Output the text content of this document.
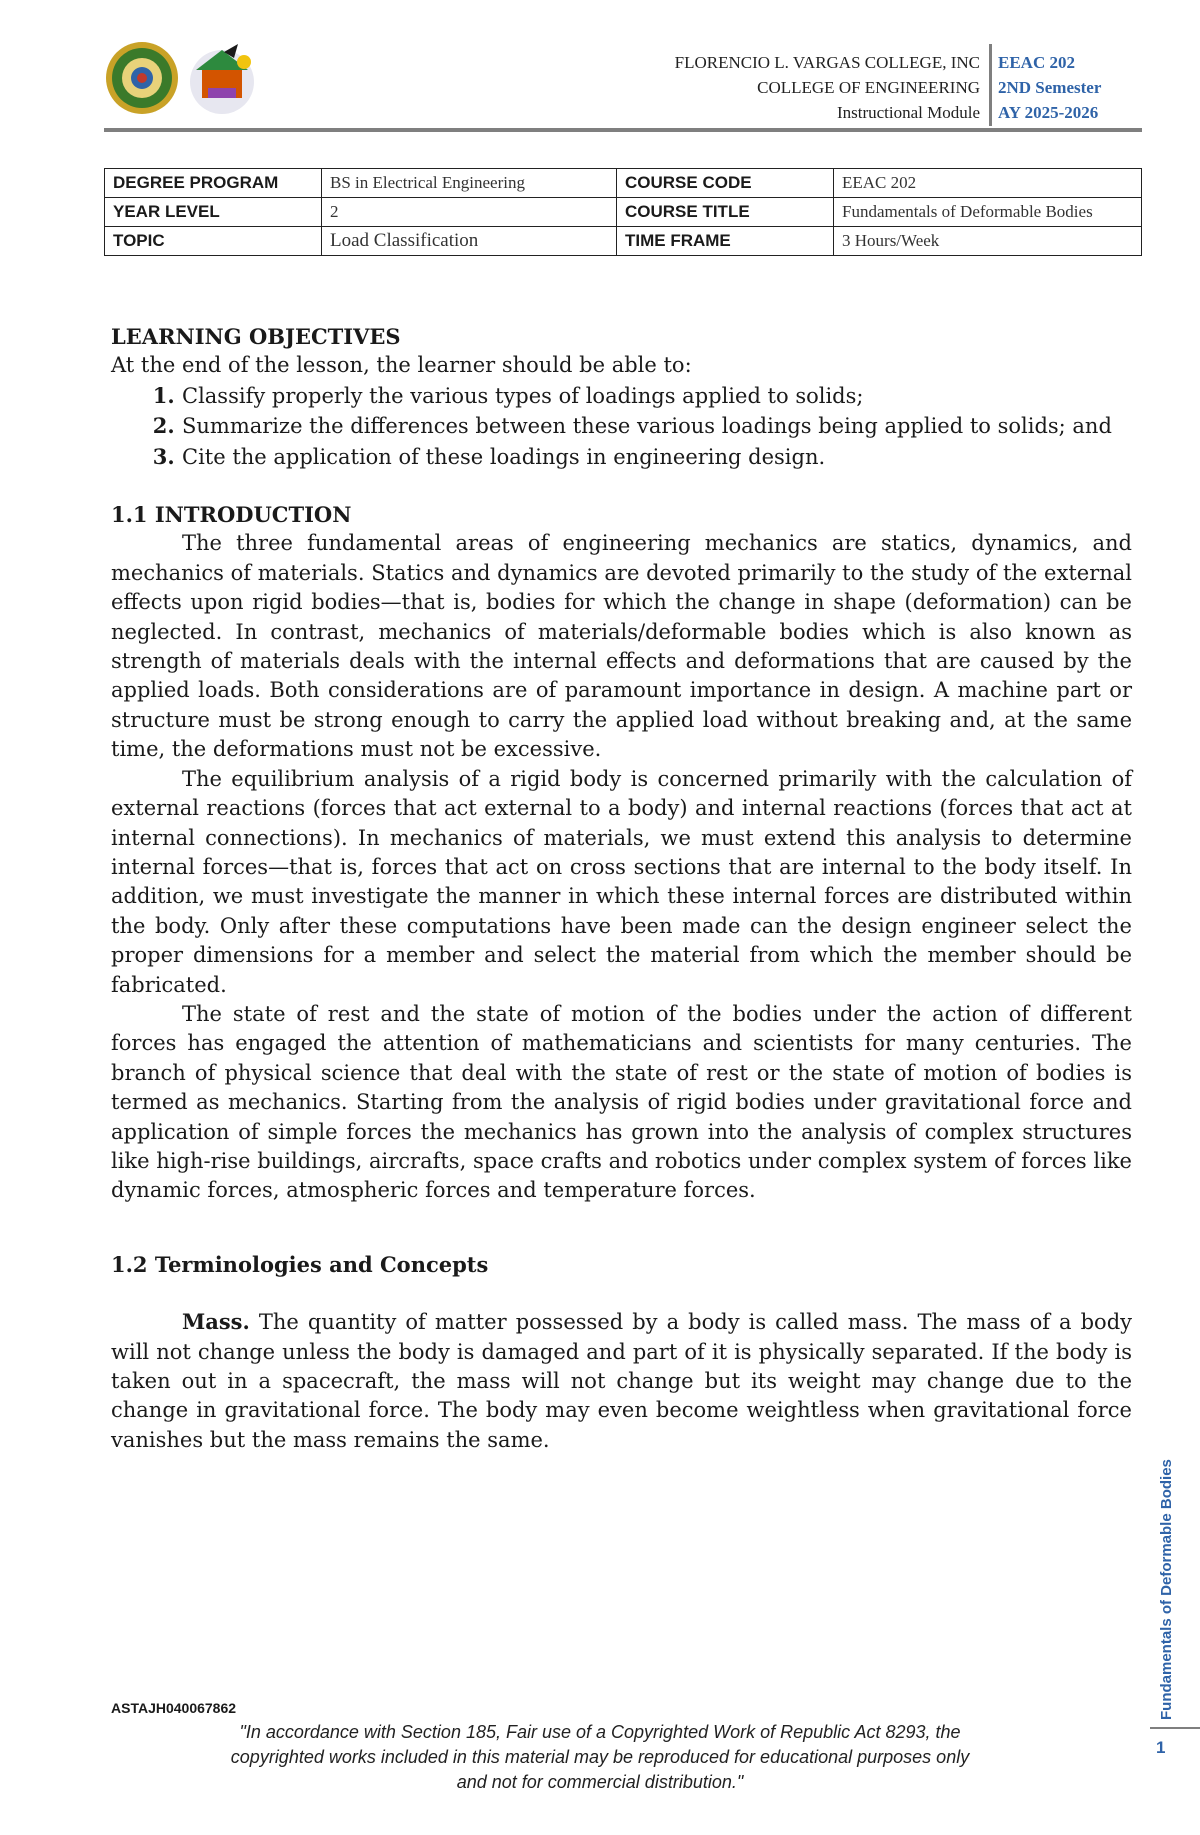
FLORENCIO L. VARGAS COLLEGE, INC
COLLEGE OF ENGINEERING
Instructional Module
EEAC 202
2ND Semester
AY 2025-2026
DEGREE PROGRAM	BS in Electrical Engineering	COURSE CODE	EEAC 202
YEAR LEVEL	2	COURSE TITLE	Fundamentals of Deformable Bodies
TOPIC	Load Classification	TIME FRAME	3 Hours/Week
LEARNING OBJECTIVES
At the end of the lesson, the learner should be able to:
1. Classify properly the various types of loadings applied to solids;
2. Summarize the differences between these various loadings being applied to solids; and
3. Cite the application of these loadings in engineering design.
1.1 INTRODUCTION

The three fundamental areas of engineering mechanics are statics, dynamics, and mechanics of materials. Statics and dynamics are devoted primarily to the study of the external effects upon rigid bodies—that is, bodies for which the change in shape (deformation) can be neglected. In contrast, mechanics of materials/deformable bodies which is also known as strength of materials deals with the internal effects and deformations that are caused by the applied loads. Both considerations are of paramount importance in design. A machine part or structure must be strong enough to carry the applied load without breaking and, at the same time, the deformations must not be excessive.

The equilibrium analysis of a rigid body is concerned primarily with the calculation of external reactions (forces that act external to a body) and internal reactions (forces that act at internal connections). In mechanics of materials, we must extend this analysis to determine internal forces—that is, forces that act on cross sections that are internal to the body itself. In addition, we must investigate the manner in which these internal forces are distributed within the body. Only after these computations have been made can the design engineer select the proper dimensions for a member and select the material from which the member should be fabricated.

The state of rest and the state of motion of the bodies under the action of different forces has engaged the attention of mathematicians and scientists for many centuries. The branch of physical science that deal with the state of rest or the state of motion of bodies is termed as mechanics. Starting from the analysis of rigid bodies under gravitational force and application of simple forces the mechanics has grown into the analysis of complex structures like high-rise buildings, aircrafts, space crafts and robotics under complex system of forces like dynamic forces, atmospheric forces and temperature forces.

1.2 Terminologies and Concepts

Mass. The quantity of matter possessed by a body is called mass. The mass of a body will not change unless the body is damaged and part of it is physically separated. If the body is taken out in a spacecraft, the mass will not change but its weight may change due to the change in gravitational force. The body may even become weightless when gravitational force vanishes but the mass remains the same.

Fundamentals of Deformable Bodies
1
ASTAJH040067862
"In accordance with Section 185, Fair use of a Copyrighted Work of Republic Act 8293, the copyrighted works included in this material may be reproduced for educational purposes only and not for commercial distribution."
